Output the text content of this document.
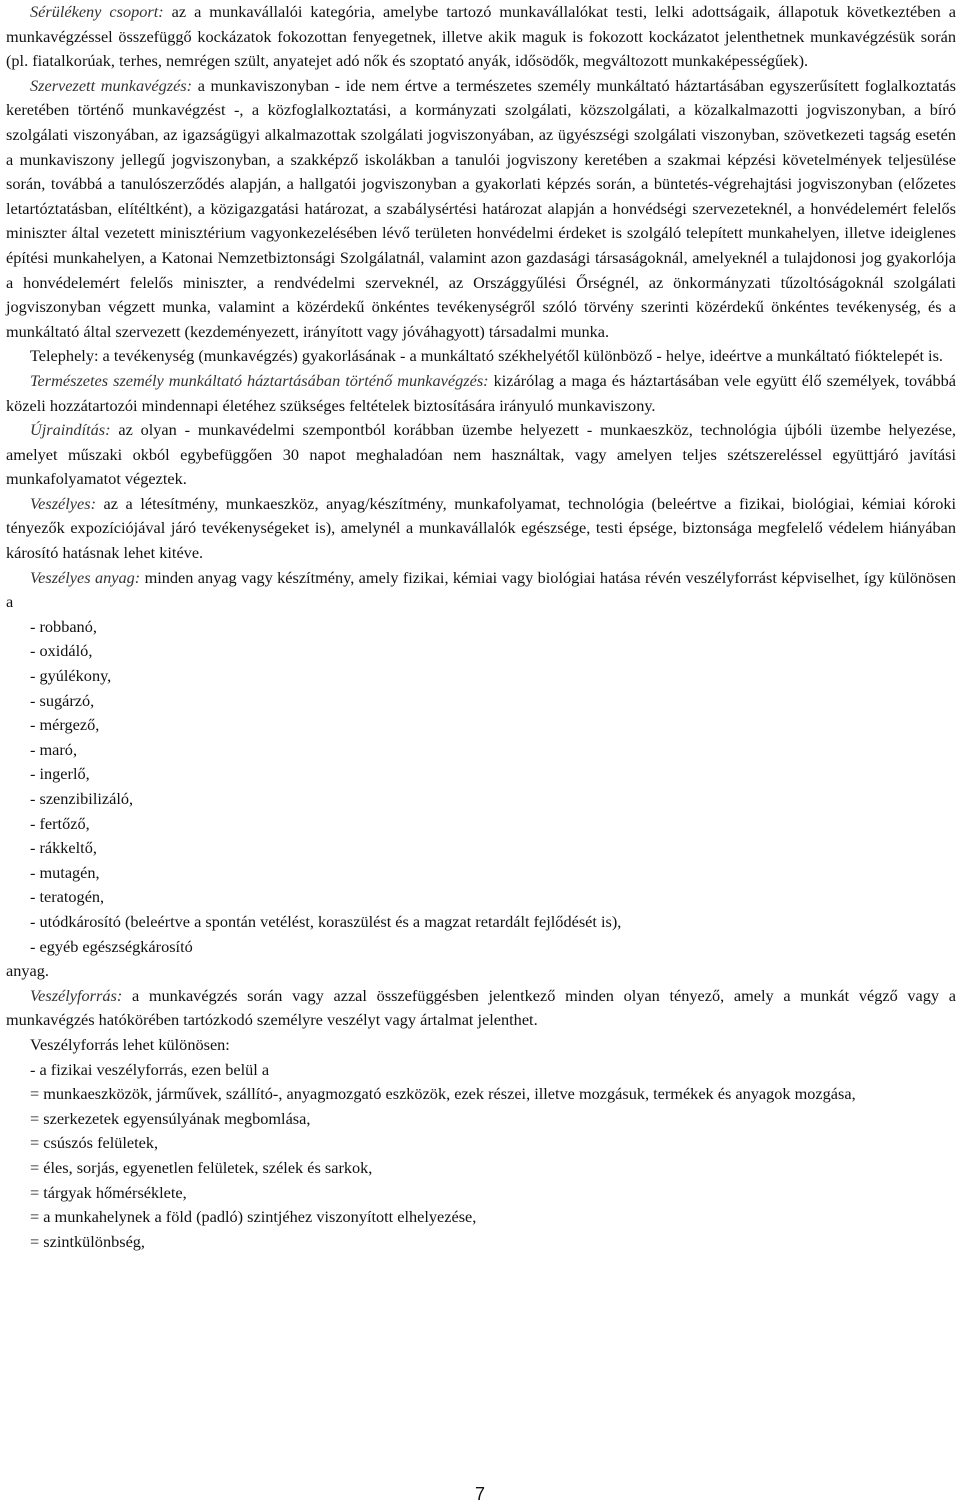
Sérülékeny csoport: az a munkavállalói kategória, amelybe tartozó munkavállalókat testi, lelki adottságaik, állapotuk következtében a munkavégzéssel összefüggő kockázatok fokozottan fenyegetnek, illetve akik maguk is fokozott kockázatot jelenthetnek munkavégzésük során (pl. fiatalkorúak, terhes, nemrégen szült, anyatejet adó nők és szoptató anyák, idősödők, megváltozott munkaképességűek).

Szervezett munkavégzés: a munkaviszonyban - ide nem értve a természetes személy munkáltató háztartásában egyszerűsített foglalkoztatás keretében történő munkavégzést -, a közfoglalkoztatási, a kormányzati szolgálati, közszolgálati, a közalkalmazotti jogviszonyban, a bíró szolgálati viszonyában, az igazságügyi alkalmazottak szolgálati jogviszonyában, az ügyészségi szolgálati viszonyban, szövetkezeti tagság esetén a munkaviszony jellegű jogviszonyban, a szakképző iskolákban a tanulói jogviszony keretében a szakmai képzési követelmények teljesülése során, továbbá a tanulószerződés alapján, a hallgatói jogviszonyban a gyakorlati képzés során, a büntetés-végrehajtási jogviszonyban (előzetes letartóztatásban, elítéltként), a közigazgatási határozat, a szabálysértési határozat alapján a honvédségi szervezeteknél, a honvédelemért felelős miniszter által vezetett minisztérium vagyonkezelésében lévő területen honvédelmi érdeket is szolgáló telepített munkahelyen, illetve ideiglenes építési munkahelyen, a Katonai Nemzetbiztonsági Szolgálatnál, valamint azon gazdasági társaságoknál, amelyeknél a tulajdonosi jog gyakorlója a honvédelemért felelős miniszter, a rendvédelmi szerveknél, az Országgyűlési Őrségnél, az önkormányzati tűzoltóságoknál szolgálati jogviszonyban végzett munka, valamint a közérdekű önkéntes tevékenységről szóló törvény szerinti közérdekű önkéntes tevékenység, és a munkáltató által szervezett (kezdeményezett, irányított vagy jóváhagyott) társadalmi munka.

Telephely: a tevékenység (munkavégzés) gyakorlásának - a munkáltató székhelyétől különböző - helye, ideértve a munkáltató fióktelepét is.

Természetes személy munkáltató háztartásában történő munkavégzés: kizárólag a maga és háztartásában vele együtt élő személyek, továbbá közeli hozzátartozói mindennapi életéhez szükséges feltételek biztosítására irányuló munkaviszony.

Újraindítás: az olyan - munkavédelmi szempontból korábban üzembe helyezett - munkaeszköz, technológia újbóli üzembe helyezése, amelyet műszaki okból egybefüggően 30 napot meghaladóan nem használtak, vagy amelyen teljes szétszereléssel együttjáró javítási munkafolyamatot végeztek.

Veszélyes: az a létesítmény, munkaeszköz, anyag/készítmény, munkafolyamat, technológia (beleértve a fizikai, biológiai, kémiai kóroki tényezők expozíciójával járó tevékenységeket is), amelynél a munkavállalók egészsége, testi épsége, biztonsága megfelelő védelem hiányában károsító hatásnak lehet kitéve.

Veszélyes anyag: minden anyag vagy készítmény, amely fizikai, kémiai vagy biológiai hatása révén veszélyforrást képviselhet, így különösen a

- robbanó,

- oxidáló,

- gyúlékony,

- sugárzó,

- mérgező,

- maró,

- ingerlő,

- szenzibilizáló,

- fertőző,

- rákkeltő,

- mutagén,

- teratogén,

- utódkárosító (beleértve a spontán vetélést, koraszülést és a magzat retardált fejlődését is),

- egyéb egészségkárosító

anyag.

Veszélyforrás: a munkavégzés során vagy azzal összefüggésben jelentkező minden olyan tényező, amely a munkát végző vagy a munkavégzés hatókörében tartózkodó személyre veszélyt vagy ártalmat jelenthet.

Veszélyforrás lehet különösen:

- a fizikai veszélyforrás, ezen belül a

= munkaeszközök, járművek, szállító-, anyagmozgató eszközök, ezek részei, illetve mozgásuk, termékek és anyagok mozgása,

= szerkezetek egyensúlyának megbomlása,

= csúszós felületek,

= éles, sorjás, egyenetlen felületek, szélek és sarkok,

= tárgyak hőmérséklete,

= a munkahelynek a föld (padló) szintjéhez viszonyított elhelyezése,

= szintkülönbség,

7
